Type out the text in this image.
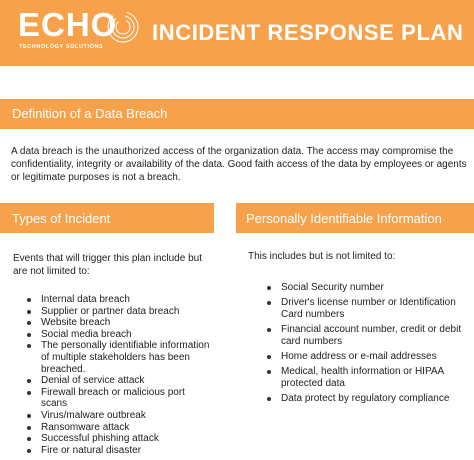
ECHO
TECHNOLOGY SOLUTIONS
INCIDENT RESPONSE PLAN
Definition of a Data Breach
A data breach is the unauthorized access of the organization data. The access may compromise the confidentiality, integrity or availability of the data. Good faith access of the data by employees or agents or legitimate purposes is not a breach.
Types of Incident
Events that will trigger this plan include but are not limited to:
Internal data breach
Supplier or partner data breach
Website breach
Social media breach
The personally identifiable information of multiple stakeholders has been breached.
Denial of service attack
Firewall breach or malicious port scans
Virus/malware outbreak
Ransomware attack
Successful phishing attack
Fire or natural disaster
Personally Identifiable Information
This includes but is not limited to:
Social Security number
Driver's license number or Identification Card numbers
Financial account number, credit or debit card numbers
Home address or e-mail addresses
Medical, health information or HIPAA protected data
Data protect by regulatory compliance
